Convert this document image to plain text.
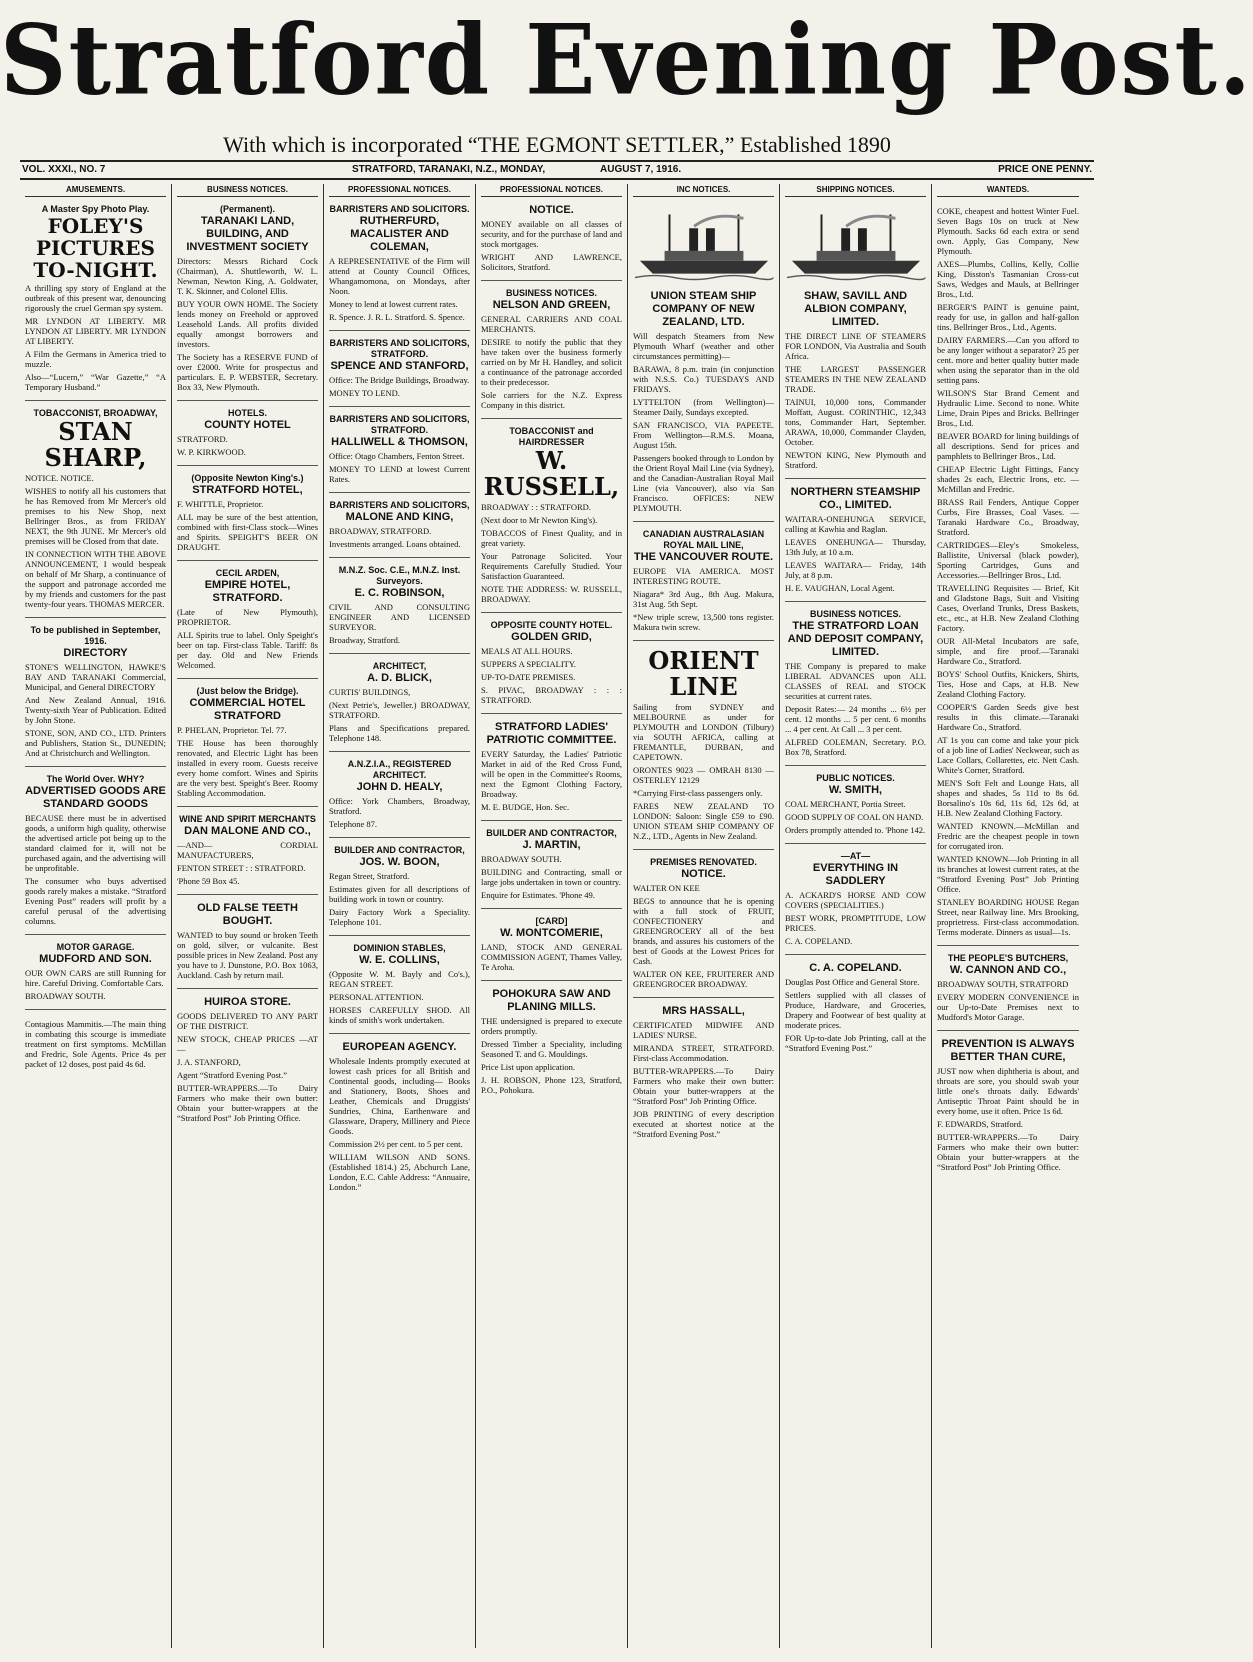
Stratford Evening Post.
With which is incorporated “THE EGMONT SETTLER,” Established 1890
VOL. XXXI., NO. 7	STRATFORD, TARANAKI, N.Z., MONDAY,	AUGUST 7, 1916.	PRICE ONE PENNY.
AMUSEMENTS.
A Master Spy Photo Play.
FOLEY'S PICTURES TO-NIGHT.

A thrilling spy story of England at the outbreak of this present war, denouncing rigorously the cruel German spy system.

MR LYNDON AT LIBERTY. MR LYNDON AT LIBERTY. MR LYNDON AT LIBERTY.

A Film the Germans in America tried to muzzle.

Also—“Lucern,” “War Gazette,” “A Temporary Husband.”

TOBACCONIST, BROADWAY,
STAN SHARP,

NOTICE. NOTICE.

WISHES to notify all his customers that he has Removed from Mr Mercer's old premises to his New Shop, next Bellringer Bros., as from FRIDAY NEXT, the 9th JUNE. Mr Mercer's old premises will be Closed from that date.

IN CONNECTION WITH THE ABOVE ANNOUNCEMENT, I would bespeak on behalf of Mr Sharp, a continuance of the support and patronage accorded me by my friends and customers for the past twenty-four years. THOMAS MERCER.

To be published in September, 1916.
DIRECTORY

STONE'S WELLINGTON, HAWKE'S BAY AND TARANAKI Commercial, Municipal, and General DIRECTORY

And New Zealand Annual, 1916. Twenty-sixth Year of Publication. Edited by John Stone.

STONE, SON, AND CO., LTD. Printers and Publishers, Station St., DUNEDIN; And at Christchurch and Wellington.

The World Over. WHY?
ADVERTISED GOODS ARE STANDARD GOODS

BECAUSE there must be in advertised goods, a uniform high quality, otherwise the advertised article pot being up to the standard claimed for it, will not be purchased again, and the advertising will be unprofitable.

The consumer who buys advertised goods rarely makes a mistake. “Stratford Evening Post” readers will profit by a careful perusal of the advertising columns.

MOTOR GARAGE.
MUDFORD AND SON.

OUR OWN CARS are still Running for hire. Careful Driving. Comfortable Cars.

BROADWAY SOUTH.

Contagious Mammitis.—The main thing in combating this scourge is immediate treatment on first symptoms. McMillan and Fredric, Sole Agents. Price 4s per packet of 12 doses, post paid 4s 6d.

BUSINESS NOTICES.
(Permanent).
TARANAKI LAND, BUILDING, AND INVESTMENT SOCIETY

Directors: Messrs Richard Cock (Chairman), A. Shuttleworth, W. L. Newman, Newton King, A. Goldwater, T. K. Skinner, and Colonel Ellis.

BUY YOUR OWN HOME. The Society lends money on Freehold or approved Leasehold Lands. All profits divided equally amongst borrowers and investors.

The Society has a RESERVE FUND of over £2000. Write for prospectus and particulars. E. P. WEBSTER, Secretary. Box 33, New Plymouth.

HOTELS.
COUNTY HOTEL

STRATFORD.

W. P. KIRKWOOD.

(Opposite Newton King's.)
STRATFORD HOTEL,

F. WHITTLE, Proprietor.

ALL may be sure of the best attention, combined with first-Class stock—Wines and Spirits. SPEIGHT'S BEER ON DRAUGHT.

CECIL ARDEN,
EMPIRE HOTEL, STRATFORD.

(Late of New Plymouth), PROPRIETOR.

ALL Spirits true to label. Only Speight's beer on tap. First-class Table. Tariff: 8s per day. Old and New Friends Welcomed.

(Just below the Bridge).
COMMERCIAL HOTEL STRATFORD

P. PHELAN, Proprietor. Tel. 77.

THE House has been thoroughly renovated, and Electric Light has been installed in every room. Guests receive every home comfort. Wines and Spirits are the very best. Speight's Beer. Roomy Stabling Accommodation.

WINE AND SPIRIT MERCHANTS
DAN MALONE AND CO.,

—AND— CORDIAL MANUFACTURERS,

FENTON STREET : : STRATFORD.

'Phone 59 Box 45.

OLD FALSE TEETH BOUGHT.

WANTED to buy sound or broken Teeth on gold, silver, or vulcanite. Best possible prices in New Zealand. Post any you have to J. Dunstone, P.O. Box 1063, Auckland. Cash by return mail.

HUIROA STORE.

GOODS DELIVERED TO ANY PART OF THE DISTRICT.

NEW STOCK, CHEAP PRICES —AT—

J. A. STANFORD,

Agent “Stratford Evening Post.”

BUTTER-WRAPPERS.—To Dairy Farmers who make their own butter: Obtain your butter-wrappers at the “Stratford Post” Job Printing Office.

PROFESSIONAL NOTICES.
BARRISTERS AND SOLICITORS.
RUTHERFURD, MACALISTER AND COLEMAN,

A REPRESENTATIVE of the Firm will attend at County Council Offices, Whangamomona, on Mondays, after Noon.

Money to lend at lowest current rates.

R. Spence. J. R. L. Stratford. S. Spence.

BARRISTERS AND SOLICITORS, STRATFORD.
SPENCE AND STANFORD,

Office: The Bridge Buildings, Broadway.

MONEY TO LEND.

BARRISTERS AND SOLICITORS, STRATFORD.
HALLIWELL & THOMSON,

Office: Otago Chambers, Fenton Street.

MONEY TO LEND at lowest Current Rates.

BARRISTERS AND SOLICITORS,
MALONE AND KING,

BROADWAY, STRATFORD.

Investments arranged. Loans obtained.

M.N.Z. Soc. C.E., M.N.Z. Inst. Surveyors.
E. C. ROBINSON,

CIVIL AND CONSULTING ENGINEER AND LICENSED SURVEYOR.

Broadway, Stratford.

ARCHITECT,
A. D. BLICK,

CURTIS' BUILDINGS,

(Next Petrie's, Jeweller.) BROADWAY, STRATFORD.

Plans and Specifications prepared. Telephone 148.

A.N.Z.I.A., REGISTERED ARCHITECT.
JOHN D. HEALY,

Office: York Chambers, Broadway, Stratford.

Telephone 87.

BUILDER AND CONTRACTOR,
JOS. W. BOON,

Regan Street, Stratford.

Estimates given for all descriptions of building work in town or country.

Dairy Factory Work a Speciality. Telephone 101.

DOMINION STABLES,
W. E. COLLINS,

(Opposite W. M. Bayly and Co's.), REGAN STREET.

PERSONAL ATTENTION.

HORSES CAREFULLY SHOD. All kinds of smith's work undertaken.

EUROPEAN AGENCY.

Wholesale Indents promptly executed at lowest cash prices for all British and Continental goods, including— Books and Stationery, Boots, Shoes and Leather, Chemicals and Druggists' Sundries, China, Earthenware and Glassware, Drapery, Millinery and Piece Goods.

Commission 2½ per cent. to 5 per cent.

WILLIAM WILSON AND SONS. (Established 1814.) 25, Abchurch Lane, London, E.C. Cable Address: “Annuaire, London.”

PROFESSIONAL NOTICES.
NOTICE.

MONEY available on all classes of security, and for the purchase of land and stock mortgages.

WRIGHT AND LAWRENCE, Solicitors, Stratford.

BUSINESS NOTICES.
NELSON AND GREEN,

GENERAL CARRIERS AND COAL MERCHANTS.

DESIRE to notify the public that they have taken over the business formerly carried on by Mr H. Handley, and solicit a continuance of the patronage accorded to their predecessor.

Sole carriers for the N.Z. Express Company in this district.

TOBACCONIST and HAIRDRESSER
W. RUSSELL,

BROADWAY : : STRATFORD.

(Next door to Mr Newton King's).

TOBACCOS of Finest Quality, and in great variety.

Your Patronage Solicited. Your Requirements Carefully Studied. Your Satisfaction Guaranteed.

NOTE THE ADDRESS: W. RUSSELL, BROADWAY.

OPPOSITE COUNTY HOTEL.
GOLDEN GRID,

MEALS AT ALL HOURS.

SUPPERS A SPECIALITY.

UP-TO-DATE PREMISES.

S. PIVAC, BROADWAY : : : STRATFORD.

STRATFORD LADIES' PATRIOTIC COMMITTEE.

EVERY Saturday, the Ladies' Patriotic Market in aid of the Red Cross Fund, will be open in the Committee's Rooms, next the Egmont Clothing Factory, Broadway.

M. E. BUDGE, Hon. Sec.

BUILDER AND CONTRACTOR,
J. MARTIN,

BROADWAY SOUTH.

BUILDING and Contracting, small or large jobs undertaken in town or country.

Enquire for Estimates. 'Phone 49.

[CARD]
W. MONTCOMERIE,

LAND, STOCK AND GENERAL COMMISSION AGENT, Thames Valley, Te Aroha.

POHOKURA SAW AND PLANING MILLS.

THE undersigned is prepared to execute orders promptly.

Dressed Timber a Speciality, including Seasoned T. and G. Mouldings.

Price List upon application.

J. H. ROBSON, Phone 123, Stratford, P.O., Pohokura.

INC NOTICES.
UNION STEAM SHIP COMPANY OF NEW ZEALAND, LTD.

Will despatch Steamers from New Plymouth Wharf (weather and other circumstances permitting)—

BARAWA, 8 p.m. train (in conjunction with N.S.S. Co.) TUESDAYS AND FRIDAYS.

LYTTELTON (from Wellington)— Steamer Daily, Sundays excepted.

SAN FRANCISCO, VIA PAPEETE. From Wellington—R.M.S. Moana, August 15th.

Passengers booked through to London by the Orient Royal Mail Line (via Sydney), and the Canadian-Australian Royal Mail Line (via Vancouver), also via San Francisco. OFFICES: NEW PLYMOUTH.

CANADIAN AUSTRALASIAN ROYAL MAIL LINE,
THE VANCOUVER ROUTE.

EUROPE VIA AMERICA. MOST INTERESTING ROUTE.

Niagara* 3rd Aug., 8th Aug. Makura, 31st Aug. 5th Sept.

*New triple screw, 13,500 tons register. Makura twin screw.

ORIENT LINE

Sailing from SYDNEY and MELBOURNE as under for PLYMOUTH and LONDON (Tilbury) via SOUTH AFRICA, calling at FREMANTLE, DURBAN, and CAPETOWN.

ORONTES 9023 — OMRAH 8130 — OSTERLEY 12129

*Carrying First-class passengers only.

FARES NEW ZEALAND TO LONDON: Saloon: Single £59 to £90. UNION STEAM SHIP COMPANY OF N.Z., LTD., Agents in New Zealand.

PREMISES RENOVATED.
NOTICE.

WALTER ON KEE

BEGS to announce that he is opening with a full stock of FRUIT, CONFECTIONERY and GREENGROCERY all of the best brands, and assures his customers of the best of Goods at the Lowest Prices for Cash.

WALTER ON KEE, FRUITERER AND GREENGROCER BROADWAY.

MRS HASSALL,

CERTIFICATED MIDWIFE AND LADIES' NURSE.

MIRANDA STREET, STRATFORD. First-class Accommodation.

BUTTER-WRAPPERS.—To Dairy Farmers who make their own butter: Obtain your butter-wrappers at the “Stratford Post” Job Printing Office.

JOB PRINTING of every description executed at shortest notice at the “Stratford Evening Post.”

SHIPPING NOTICES.
SHAW, SAVILL AND ALBION COMPANY, LIMITED.

THE DIRECT LINE OF STEAMERS FOR LONDON, Via Australia and South Africa.

THE LARGEST PASSENGER STEAMERS IN THE NEW ZEALAND TRADE.

TAINUI, 10,000 tons, Commander Moffatt, August. CORINTHIC, 12,343 tons, Commander Hart, September. ARAWA, 10,000, Commander Clayden, October.

NEWTON KING, New Plymouth and Stratford.

NORTHERN STEAMSHIP CO., LIMITED.

WAITARA-ONEHUNGA SERVICE, calling at Kawhia and Raglan.

LEAVES ONEHUNGA— Thursday, 13th July, at 10 a.m.

LEAVES WAITARA— Friday, 14th July, at 8 p.m.

H. E. VAUGHAN, Local Agent.

BUSINESS NOTICES.
THE STRATFORD LOAN AND DEPOSIT COMPANY, LIMITED.

THE Company is prepared to make LIBERAL ADVANCES upon ALL CLASSES of REAL and STOCK securities at current rates.

Deposit Rates:— 24 months ... 6½ per cent. 12 months ... 5 per cent. 6 months ... 4 per cent. At Call ... 3 per cent.

ALFRED COLEMAN, Secretary. P.O. Box 78, Stratford.

PUBLIC NOTICES.
W. SMITH,

COAL MERCHANT, Portia Street.

GOOD SUPPLY OF COAL ON HAND.

Orders promptly attended to. 'Phone 142.

—AT—
EVERYTHING IN SADDLERY

A. ACKARD'S HORSE AND COW COVERS (SPECIALITIES.)

BEST WORK, PROMPTITUDE, LOW PRICES.

C. A. COPELAND.

C. A. COPELAND.

Douglas Post Office and General Store.

Settlers supplied with all classes of Produce, Hardware, and Groceries, Drapery and Footwear of best quality at moderate prices.

FOR Up-to-date Job Printing, call at the “Stratford Evening Post.”

WANTEDS.

COKE, cheapest and hottest Winter Fuel. Seven Bags 10s on truck at New Plymouth. Sacks 6d each extra or send own. Apply, Gas Company, New Plymouth.

AXES—Plumbs, Collins, Kelly, Collie King, Disston's Tasmanian Cross-cut Saws, Wedges and Mauls, at Bellringer Bros., Ltd.

BERGER'S PAINT is genuine paint, ready for use, in gallon and half-gallon tins. Bellringer Bros., Ltd., Agents.

DAIRY FARMERS.—Can you afford to be any longer without a separator? 25 per cent. more and better quality butter made when using the separator than in the old setting pans.

WILSON'S Star Brand Cement and Hydraulic Lime. Second to none. White Lime, Drain Pipes and Bricks. Bellringer Bros., Ltd.

BEAVER BOARD for lining buildings of all descriptions. Send for prices and pamphlets to Bellringer Bros., Ltd.

CHEAP Electric Light Fittings, Fancy shades 2s each, Electric Irons, etc. —McMillan and Fredric.

BRASS Rail Fenders, Antique Copper Curbs, Fire Brasses, Coal Vases. —Taranaki Hardware Co., Broadway, Stratford.

CARTRIDGES—Eley's Smokeless, Ballistite, Universal (black powder), Sporting Cartridges, Guns and Accessories.—Bellringer Bros., Ltd.

TRAVELLING Requisites — Brief, Kit and Gladstone Bags, Suit and Visiting Cases, Overland Trunks, Dress Baskets, etc., etc., at H.B. New Zealand Clothing Factory.

OUR All-Metal Incubators are safe, simple, and fire proof.—Taranaki Hardware Co., Stratford.

BOYS' School Outfits, Knickers, Shirts, Ties, Hose and Caps, at H.B. New Zealand Clothing Factory.

COOPER'S Garden Seeds give best results in this climate.—Taranaki Hardware Co., Stratford.

AT 1s you can come and take your pick of a job line of Ladies' Neckwear, such as Lace Collars, Collarettes, etc. Nett Cash. White's Corner, Stratford.

MEN'S Soft Felt and Lounge Hats, all shapes and shades, 5s 11d to 8s 6d. Borsalino's 10s 6d, 11s 6d, 12s 6d, at H.B. New Zealand Clothing Factory.

WANTED KNOWN.—McMillan and Fredric are the cheapest people in town for corrugated iron.

WANTED KNOWN—Job Printing in all its branches at lowest current rates, at the “Stratford Evening Post” Job Printing Office.

STANLEY BOARDING HOUSE Regan Street, near Railway line. Mrs Brooking, proprietress. First-class accommodation. Terms moderate. Dinners as usual—1s.

THE PEOPLE'S BUTCHERS,
W. CANNON AND CO.,

BROADWAY SOUTH, STRATFORD

EVERY MODERN CONVENIENCE in our Up-to-Date Premises next to Mudford's Motor Garage.

PREVENTION IS ALWAYS BETTER THAN CURE,

JUST now when diphtheria is about, and throats are sore, you should swab your little one's throats daily. Edwards' Antiseptic Throat Paint should be in every home, use it often. Price 1s 6d.

F. EDWARDS, Stratford.

BUTTER-WRAPPERS.—To Dairy Farmers who make their own butter: Obtain your butter-wrappers at the “Stratford Post” Job Printing Office.
